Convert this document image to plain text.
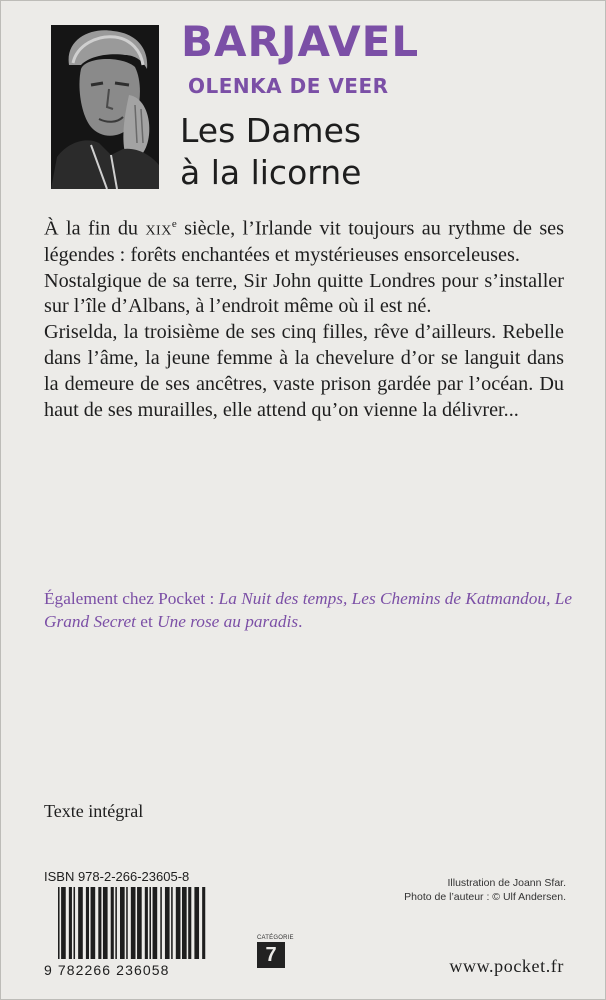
BARJAVEL
OLENKA DE VEER
Les Dames
à la licorne

À la fin du xix$^e$ siècle, l’Irlande vit toujours au rythme de ses légendes : forêts enchantées et mystérieuses ensorceleuses.

Nostalgique de sa terre, Sir John quitte Londres pour s’installer sur l’île d’Albans, à l’endroit même où il est né.

Griselda, la troisième de ses cinq filles, rêve d’ailleurs. Rebelle dans l’âme, la jeune femme à la chevelure d’or se languit dans la demeure de ses ancêtres, vaste prison gardée par l’océan. Du haut de ses murailles, elle attend qu’on vienne la délivrer...

Également chez Pocket : La Nuit des temps, Les Chemins de Katmandou, Le Grand Secret et Une rose au paradis.
Texte intégral
ISBN 978-2-266-23605-8
9 782266 236058
Illustration de Joann Sfar.
Photo de l’auteur : © Ulf Andersen.
CATÉGORIE
7	www.pocket.fr
